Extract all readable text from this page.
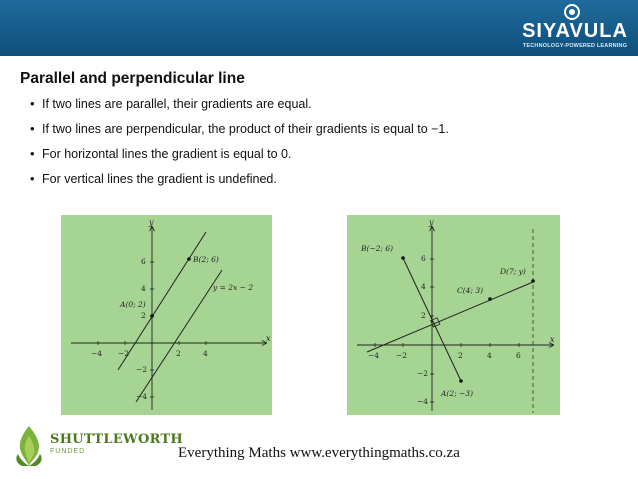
SIYAVULA
TECHNOLOGY-POWERED LEARNING
Parallel and perpendicular line
• If two lines are parallel, their gradients are equal.
• If two lines are perpendicular, the product of their gradients is equal to −1.
• For horizontal lines the gradient is equal to 0.
• For vertical lines the gradient is undefined.
x
y
−4 −2	2	4
6
4
2
−2
−4
A(0; 2)
B(2; 6)
y = 2x − 2
x
y
−4 −2	2	4	6
6
4
2
−2
−4
B(−2; 6)
C(4; 3)
D(7; y)
A(2; −3)
SHUTTLEWORTH
FUNDED	Everything Maths www.everythingmaths.co.za
